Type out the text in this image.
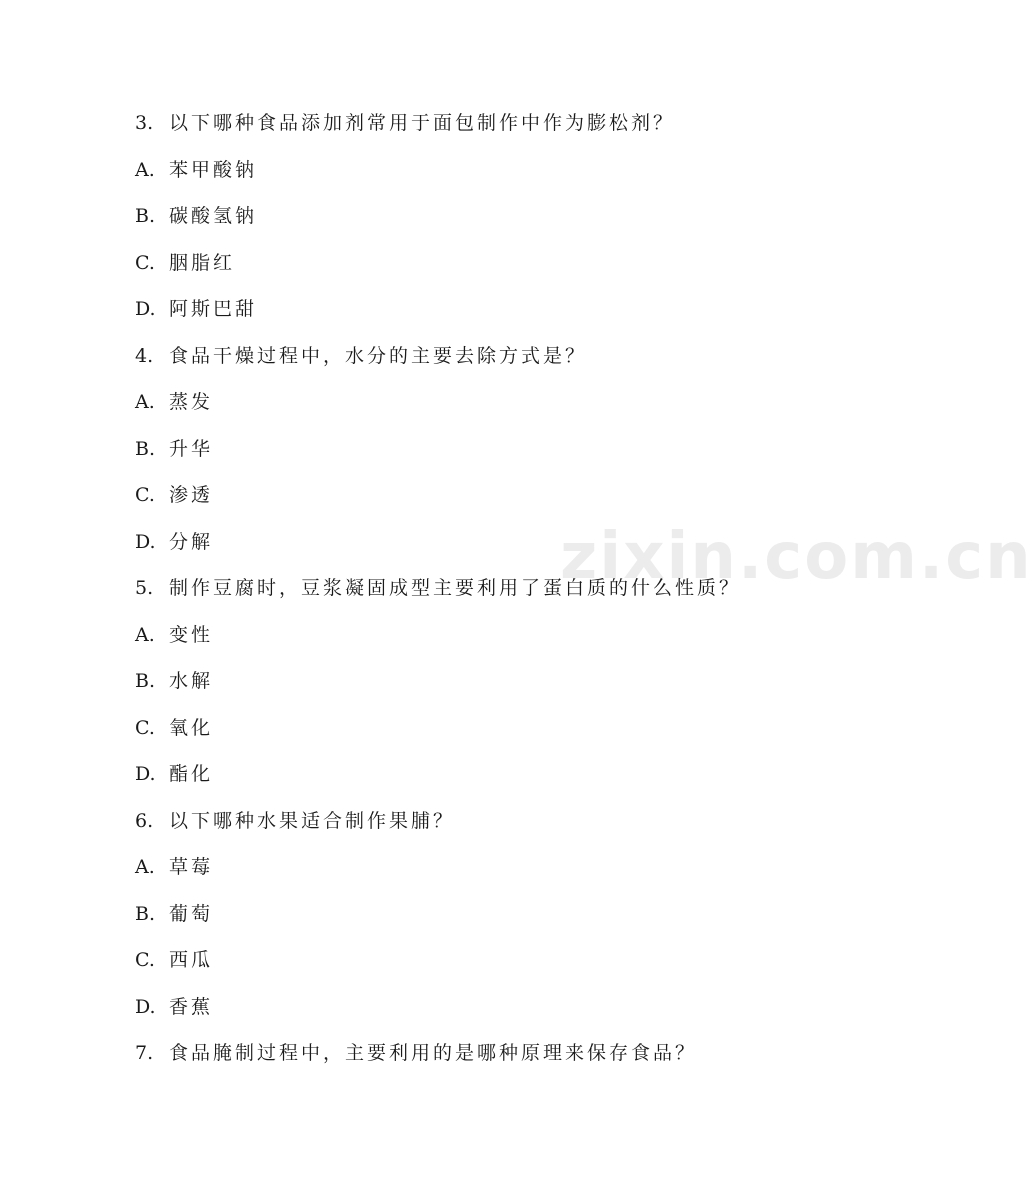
zixin.com.cn
3. 以下哪种食品添加剂常用于面包制作中作为膨松剂？
A. 苯甲酸钠
B. 碳酸氢钠
C. 胭脂红
D. 阿斯巴甜
4. 食品干燥过程中，水分的主要去除方式是？
A. 蒸发
B. 升华
C. 渗透
D. 分解
5. 制作豆腐时，豆浆凝固成型主要利用了蛋白质的什么性质？
A. 变性
B. 水解
C. 氧化
D. 酯化
6. 以下哪种水果适合制作果脯？
A. 草莓
B. 葡萄
C. 西瓜
D. 香蕉
7. 食品腌制过程中，主要利用的是哪种原理来保存食品？
